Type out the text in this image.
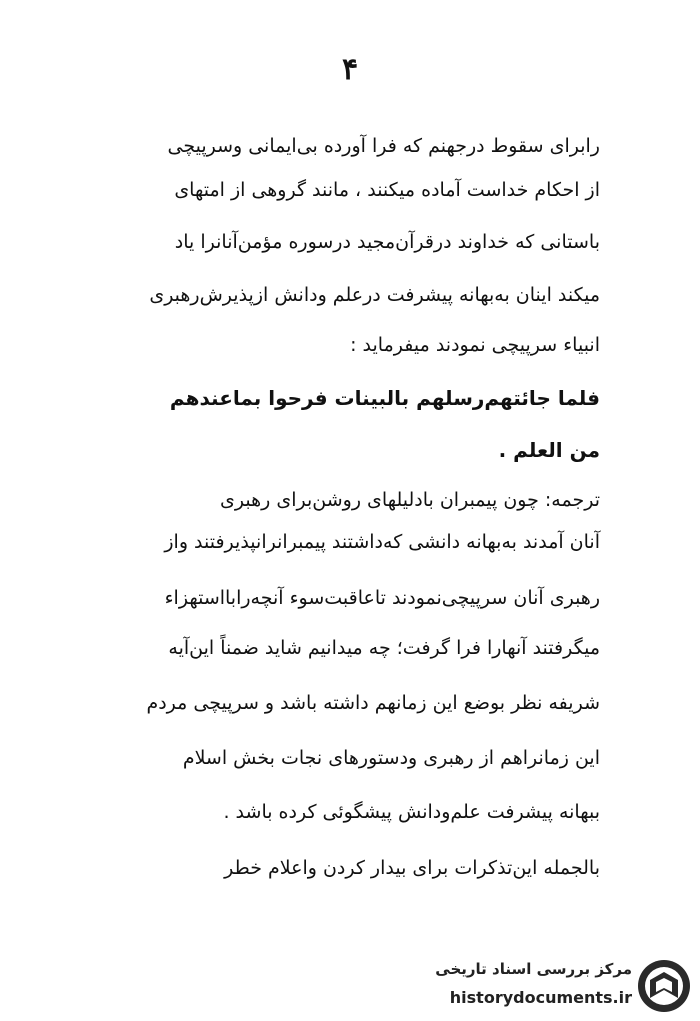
۴
رابرای سقوط درجهنم که فرا آورده بی‌ایمانی وسرپیچی
از احکام خداست آماده میکنند ، مانند گروهی از امتهای
باستانی که خداوند درقرآن‌مجید درسوره مؤمن‌آنانرا یاد
میکند اینان به‌بهانه پیشرفت درعلم ودانش ازپذیرش‌رهبری
انبیاء سرپیچی نمودند میفرماید :
فلما جائتهم‌رسلهم بالبینات فرحوا بما‌عندهم
من العلم .
ترجمه: چون پیمبران بادلیلهای روشن‌برای رهبری
آنان آمدند به‌بهانه دانشی که‌داشتند پیمبرانرانپذیرفتند واز
رهبری آنان سرپیچی‌نمودند تاعاقبت‌سوء آنچه‌رابااستهزاء
میگرفتند آنهارا فرا گرفت؛ چه میدانیم شاید ضمناً این‌آیه
شریفه نظر بوضع این زمانهم داشته باشد و سرپیچی مردم
این زمانراهم از رهبری ودستورهای نجات بخش اسلام
ببهانه پیشرفت علم‌ودانش پیشگوئی کرده باشد .
بالجمله این‌تذکرات برای بیدار کردن واعلام خطر
مرکز بررسی اسناد تاریخی
historydocuments.ir
